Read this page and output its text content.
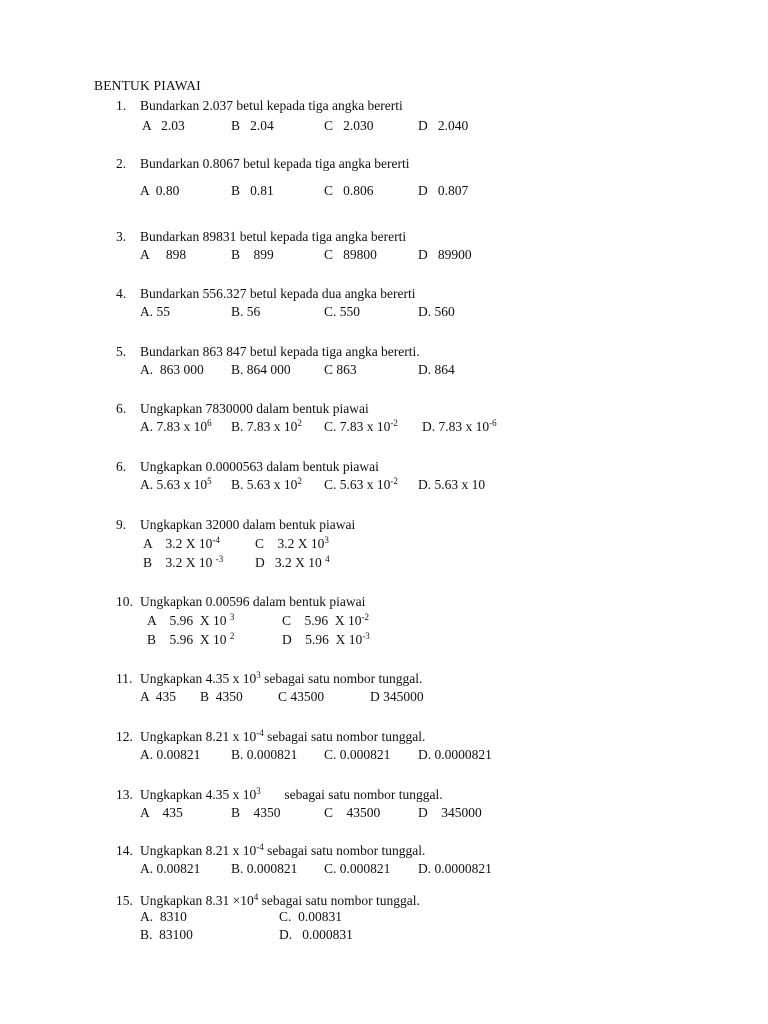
BENTUK PIAWAI
1. Bundarkan 2.037 betul kepada tiga angka bererti
A   2.03	B   2.04	C   2.030	D   2.040
2. Bundarkan 0.8067 betul kepada tiga angka bererti
A  0.80	B   0.81	C   0.806	D   0.807
3. Bundarkan 89831 betul kepada tiga angka bererti
A     898	B    899	C   89800	D   89900
4. Bundarkan 556.327 betul kepada dua angka bererti
A. 55	B. 56	C. 550	D. 560
5. Bundarkan 863 847 betul kepada tiga angka bererti.
A.  863 000 B. 864 000 C 863	D. 864
6. Ungkapkan 7830000 dalam bentuk piawai
A. 7.83 x $10^6$ B. 7.83 x $10^2$ C. 7.83 x $10^{-2}$ D. 7.83 x $10^{-6}$
6. Ungkapkan 0.0000563 dalam bentuk piawai
A. 5.63 x $10^5$ B. 5.63 x $10^2$ C. 5.63 x $10^{-2}$ D. 5.63 x 10
9. Ungkapkan 32000 dalam bentuk piawai
A    3.2 X $10^{-4}$	C    3.2 X $10^3$
B    3.2 X 10 $^{-3}$ D   3.2 X 10 $^4$
10. Ungkapkan 0.00596 dalam bentuk piawai
A    5.96  X 10 $^3$	C    5.96  X $10^{-2}$
B    5.96  X 10 $^2$	D    5.96  X $10^{-3}$
11. Ungkapkan 4.35 x $10^3$ sebagai satu nombor tunggal.
A  435 B  4350	C 43500	D 345000
12. Ungkapkan 8.21 x $10^{-4}$ sebagai satu nombor tunggal.
A. 0.00821 B. 0.000821 C. 0.000821 D. 0.0000821
13. Ungkapkan 4.35 x $10^3$       sebagai satu nombor tunggal.
A    435	B    4350	C    43500	D    345000
14. Ungkapkan 8.21 x $10^{-4}$ sebagai satu nombor tunggal.
A. 0.00821 B. 0.000821 C. 0.000821 D. 0.0000821
15. Ungkapkan $8.31 \times 10^4$ sebagai satu nombor tunggal.
A.  8310	C.  0.00831
B.  83100	D.   0.000831
